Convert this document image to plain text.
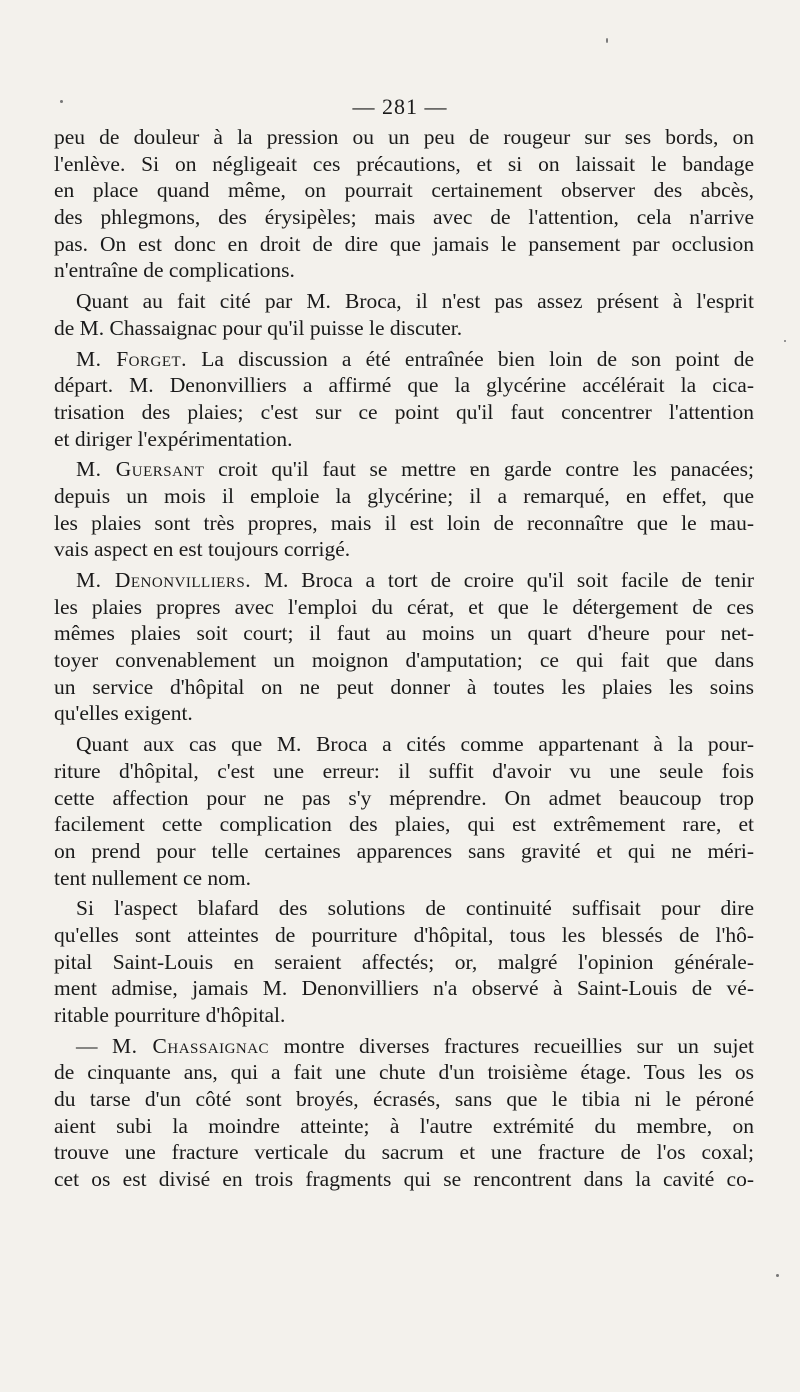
— 281 —
peu de douleur à la pression ou un peu de rougeur sur ses bords, on
l'enlève. Si on négligeait ces précautions, et si on laissait le bandage
en place quand même, on pourrait certainement observer des abcès,
des phlegmons, des érysipèles; mais avec de l'attention, cela n'arrive
pas. On est donc en droit de dire que jamais le pansement par occlusion
n'entraîne de complications.
Quant au fait cité par M. Broca, il n'est pas assez présent à l'esprit
de M. Chassaignac pour qu'il puisse le discuter.
M. Forget. La discussion a été entraînée bien loin de son point de
départ. M. Denonvilliers a affirmé que la glycérine accélérait la cica-
trisation des plaies; c'est sur ce point qu'il faut concentrer l'attention
et diriger l'expérimentation.
M. Guersant croit qu'il faut se mettre en garde contre les panacées;
depuis un mois il emploie la glycérine; il a remarqué, en effet, que
les plaies sont très propres, mais il est loin de reconnaître que le mau-
vais aspect en est toujours corrigé.
M. Denonvilliers. M. Broca a tort de croire qu'il soit facile de tenir
les plaies propres avec l'emploi du cérat, et que le détergement de ces
mêmes plaies soit court; il faut au moins un quart d'heure pour net-
toyer convenablement un moignon d'amputation; ce qui fait que dans
un service d'hôpital on ne peut donner à toutes les plaies les soins
qu'elles exigent.
Quant aux cas que M. Broca a cités comme appartenant à la pour-
riture d'hôpital, c'est une erreur: il suffit d'avoir vu une seule fois
cette affection pour ne pas s'y méprendre. On admet beaucoup trop
facilement cette complication des plaies, qui est extrêmement rare, et
on prend pour telle certaines apparences sans gravité et qui ne méri-
tent nullement ce nom.
Si l'aspect blafard des solutions de continuité suffisait pour dire
qu'elles sont atteintes de pourriture d'hôpital, tous les blessés de l'hô-
pital Saint-Louis en seraient affectés; or, malgré l'opinion générale-
ment admise, jamais M. Denonvilliers n'a observé à Saint-Louis de vé-
ritable pourriture d'hôpital.
— M. Chassaignac montre diverses fractures recueillies sur un sujet
de cinquante ans, qui a fait une chute d'un troisième étage. Tous les os
du tarse d'un côté sont broyés, écrasés, sans que le tibia ni le péroné
aient subi la moindre atteinte; à l'autre extrémité du membre, on
trouve une fracture verticale du sacrum et une fracture de l'os coxal;
cet os est divisé en trois fragments qui se rencontrent dans la cavité co-
